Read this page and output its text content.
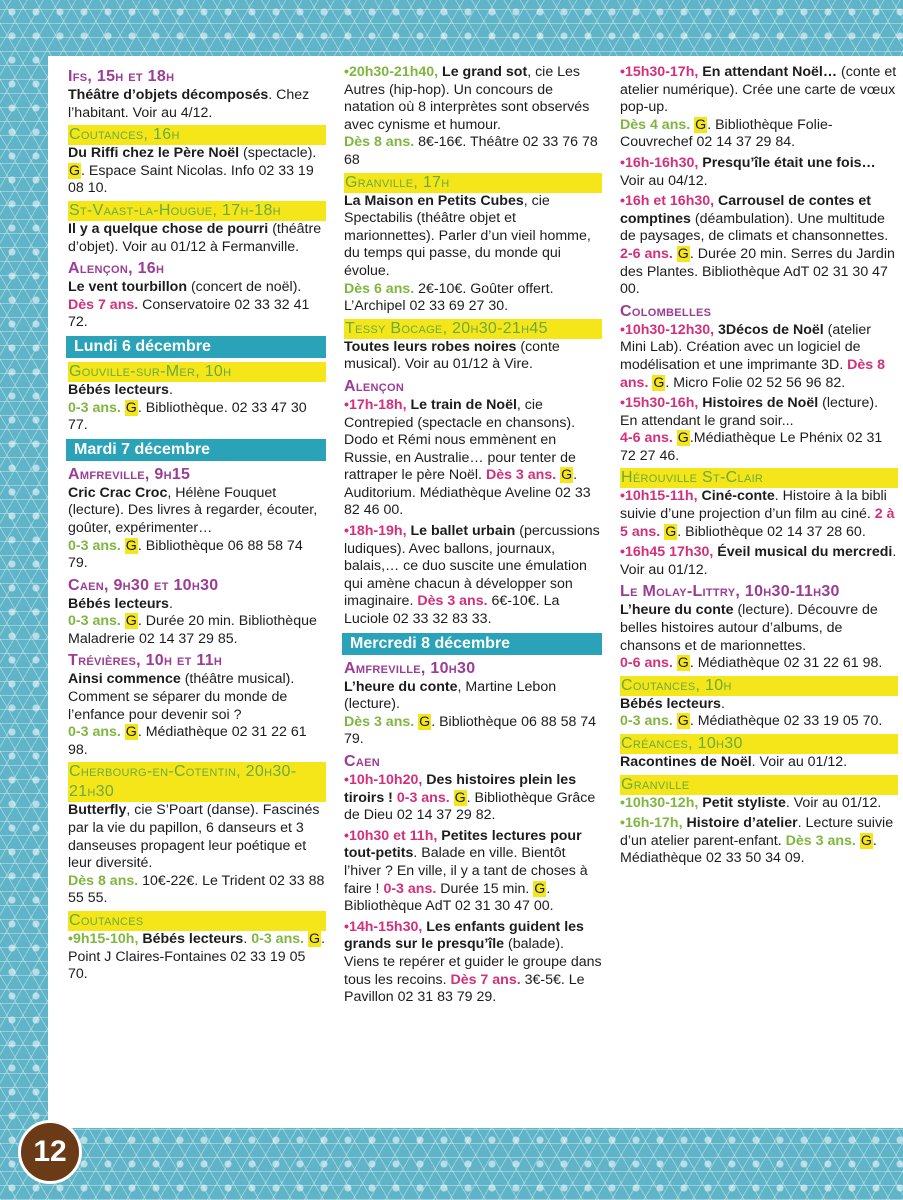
Ifs, 15h et 18h
Théâtre d’objets décomposés. Chez l’habitant. Voir au 4/12.
Coutances, 16h
Du Riffi chez le Père Noël (spectacle).
G. Espace Saint Nicolas. Info 02 33 19 08 10.
St-Vaast-la-Hougue, 17h-18h
Il y a quelque chose de pourri (théâtre d’objet). Voir au 01/12 à Fermanville.
Alençon, 16h
Le vent tourbillon (concert de noël). Dès 7 ans. Conservatoire 02 33 32 41 72.
Lundi 6 décembre
Gouville-sur-Mer, 10h
Bébés lecteurs.
0-3 ans. G. Bibliothèque. 02 33 47 30 77.
Mardi 7 décembre
Amfreville, 9h15
Cric Crac Croc, Hélène Fouquet (lecture). Des livres à regarder, écouter, goûter, expérimenter…
0-3 ans. G. Bibliothèque 06 88 58 74 79.
Caen, 9h30 et 10h30
Bébés lecteurs.
0-3 ans. G. Durée 20 min. Bibliothèque Maladrerie 02 14 37 29 85.
Trévières, 10h et 11h
Ainsi commence (théâtre musical). Comment se séparer du monde de l’enfance pour devenir soi ?
0-3 ans. G. Médiathèque 02 31 22 61 98.
Cherbourg-en-Cotentin, 20h30-21h30
Butterfly, cie S’Poart (danse). Fascinés par la vie du papillon, 6 danseurs et 3 danseuses propagent leur poétique et leur diversité.
Dès 8 ans. 10€-22€. Le Trident 02 33 88 55 55.
Coutances
•9h15-10h, Bébés lecteurs. 0-3 ans. G. Point J Claires-Fontaines 02 33 19 05 70.
•20h30-21h40, Le grand sot, cie Les Autres (hip-hop). Un concours de natation où 8 interprètes sont observés avec cynisme et humour.
Dès 8 ans. 8€-16€. Théâtre 02 33 76 78 68
Granville, 17h
La Maison en Petits Cubes, cie Spectabilis (théâtre objet et marionnettes). Parler d’un vieil homme, du temps qui passe, du monde qui évolue.
Dès 6 ans. 2€-10€. Goûter offert. L’Archipel 02 33 69 27 30.
Tessy Bocage, 20h30-21h45
Toutes leurs robes noires (conte musical). Voir au 01/12 à Vire.
Alençon
•17h-18h, Le train de Noël, cie Contrepied (spectacle en chansons). Dodo et Rémi nous emmènent en Russie, en Australie… pour tenter de rattraper le père Noël. Dès 3 ans. G. Auditorium. Médiathèque Aveline 02 33 82 46 00.
•18h-19h, Le ballet urbain (percussions ludiques). Avec ballons, journaux, balais,… ce duo suscite une émulation qui amène chacun à développer son imaginaire. Dès 3 ans. 6€-10€. La Luciole 02 33 32 83 33.
Mercredi 8 décembre
Amfreville, 10h30
L’heure du conte, Martine Lebon (lecture).
Dès 3 ans. G. Bibliothèque 06 88 58 74 79.
Caen
•10h-10h20, Des histoires plein les tiroirs ! 0-3 ans. G. Bibliothèque Grâce de Dieu 02 14 37 29 82.
•10h30 et 11h, Petites lectures pour tout-petits. Balade en ville. Bientôt l’hiver ? En ville, il y a tant de choses à faire ! 0-3 ans. Durée 15 min. G. Bibliothèque AdT 02 31 30 47 00.
•14h-15h30, Les enfants guident les grands sur le presqu’île (balade). Viens te repérer et guider le groupe dans tous les recoins. Dès 7 ans. 3€-5€. Le Pavillon 02 31 83 79 29.
•15h30-17h, En attendant Noël… (conte et atelier numérique). Crée une carte de vœux pop-up.
Dès 4 ans. G. Bibliothèque Folie-Couvrechef 02 14 37 29 84.
•16h-16h30, Presqu’île était une fois… Voir au 04/12.
•16h et 16h30, Carrousel de contes et comptines (déambulation). Une multitude de paysages, de climats et chansonnettes. 2-6 ans. G. Durée 20 min. Serres du Jardin des Plantes. Bibliothèque AdT 02 31 30 47 00.
Colombelles
•10h30-12h30, 3Décos de Noël (atelier Mini Lab). Création avec un logiciel de modélisation et une imprimante 3D. Dès 8 ans. G. Micro Folie 02 52 56 96 82.
•15h30-16h, Histoires de Noël (lecture). En attendant le grand soir...
4-6 ans. G.Médiathèque Le Phénix 02 31 72 27 46.
Hérouville St-Clair
•10h15-11h, Ciné-conte. Histoire à la bibli suivie d’une projection d’un film au ciné. 2 à 5 ans. G. Bibliothèque 02 14 37 28 60.
•16h45 17h30, Éveil musical du mercredi. Voir au 01/12.
Le Molay-Littry, 10h30-11h30
L’heure du conte (lecture). Découvre de belles histoires autour d’albums, de chansons et de marionnettes.
0-6 ans. G. Médiathèque 02 31 22 61 98.
Coutances, 10h
Bébés lecteurs.
0-3 ans. G. Médiathèque 02 33 19 05 70.
Créances, 10h30
Racontines de Noël. Voir au 01/12.
Granville
•10h30-12h, Petit styliste. Voir au 01/12.
•16h-17h, Histoire d’atelier. Lecture suivie d’un atelier parent-enfant. Dès 3 ans. G. Médiathèque 02 33 50 34 09.
12
